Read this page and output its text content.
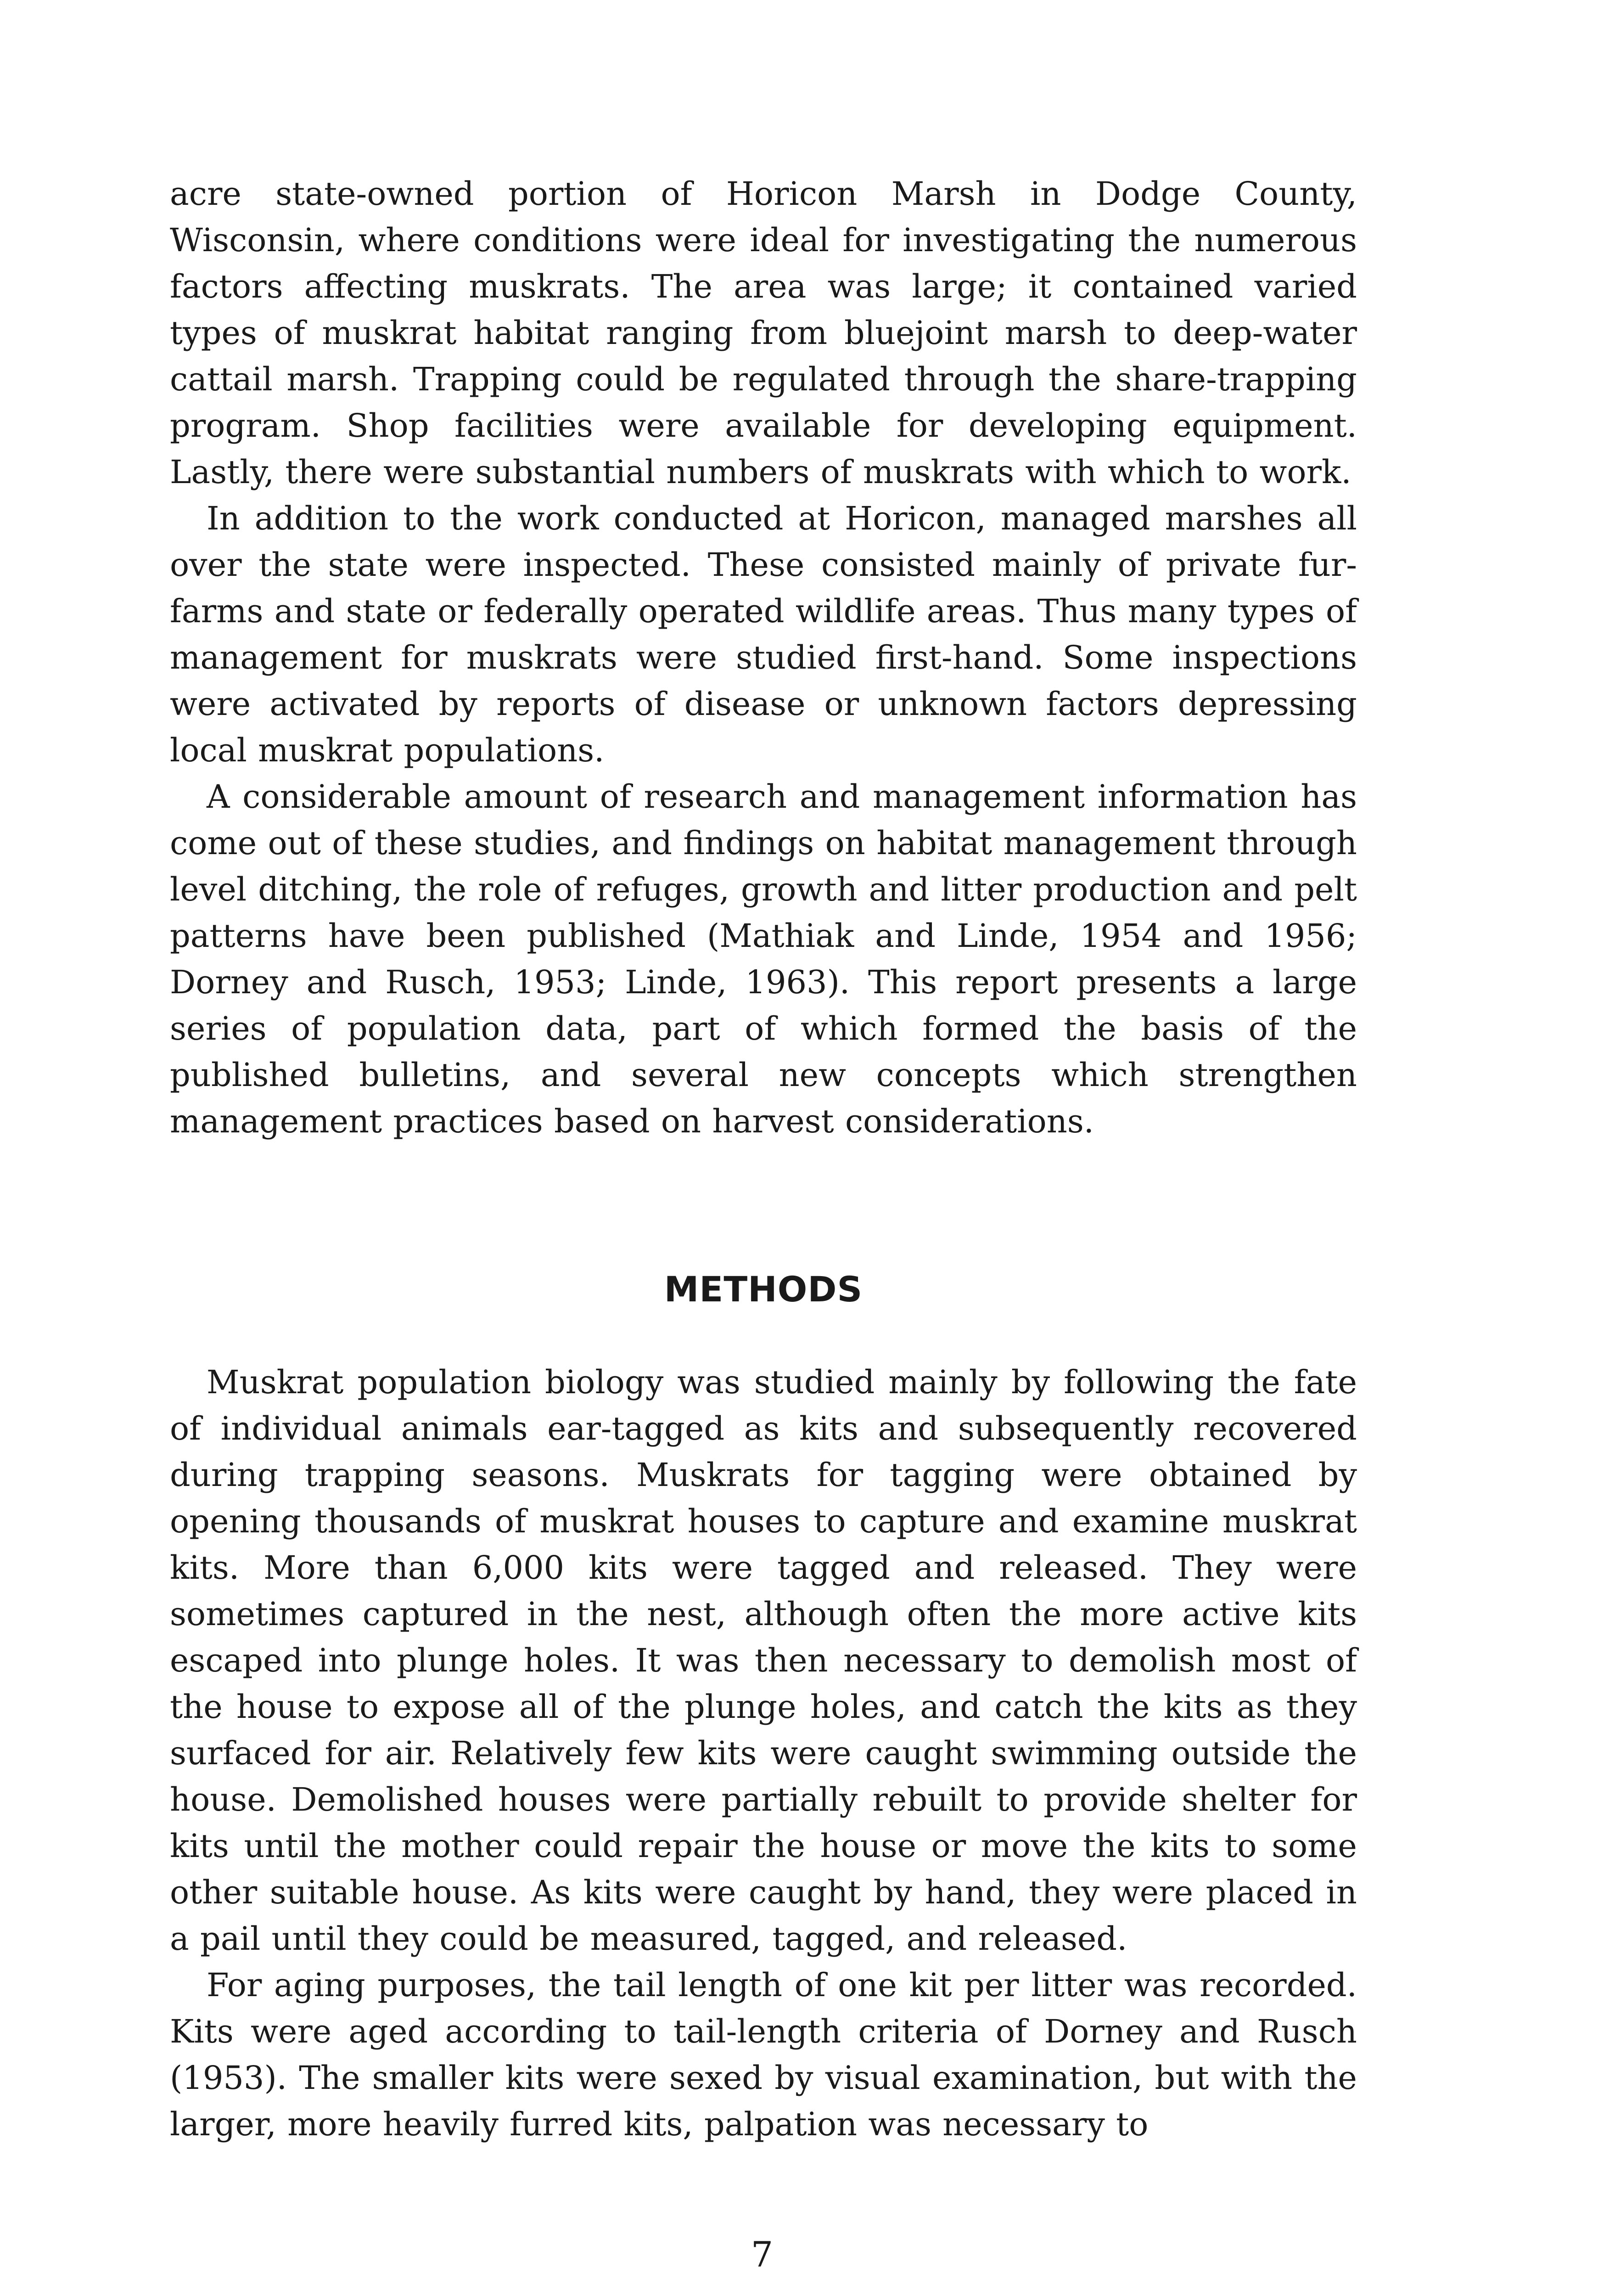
acre state-owned portion of Horicon Marsh in Dodge County, Wisconsin, where conditions were ideal for investigating the numerous factors affecting muskrats. The area was large; it contained varied types of muskrat habitat ranging from bluejoint marsh to deep-water cattail marsh. Trapping could be regulated through the share-trapping program. Shop facilities were available for developing equipment. Lastly, there were substantial numbers of muskrats with which to work.

In addition to the work conducted at Horicon, managed marshes all over the state were inspected. These consisted mainly of private fur-farms and state or federally operated wildlife areas. Thus many types of management for muskrats were studied first-hand. Some inspections were activated by reports of disease or unknown factors depressing local muskrat populations.

A considerable amount of research and management information has come out of these studies, and findings on habitat management through level ditching, the role of refuges, growth and litter production and pelt patterns have been published (Mathiak and Linde, 1954 and 1956; Dorney and Rusch, 1953; Linde, 1963). This report presents a large series of population data, part of which formed the basis of the published bulletins, and several new concepts which strengthen management practices based on harvest considerations.

METHODS

Muskrat population biology was studied mainly by following the fate of individual animals ear-tagged as kits and subsequently recovered during trapping seasons. Muskrats for tagging were obtained by opening thousands of muskrat houses to capture and examine muskrat kits. More than 6,000 kits were tagged and released. They were sometimes captured in the nest, although often the more active kits escaped into plunge holes. It was then necessary to demolish most of the house to expose all of the plunge holes, and catch the kits as they surfaced for air. Relatively few kits were caught swimming outside the house. Demolished houses were partially rebuilt to provide shelter for kits until the mother could repair the house or move the kits to some other suitable house. As kits were caught by hand, they were placed in a pail until they could be measured, tagged, and released.

For aging purposes, the tail length of one kit per litter was recorded. Kits were aged according to tail-length criteria of Dorney and Rusch (1953). The smaller kits were sexed by visual examination, but with the larger, more heavily furred kits, palpation was necessary to

7
